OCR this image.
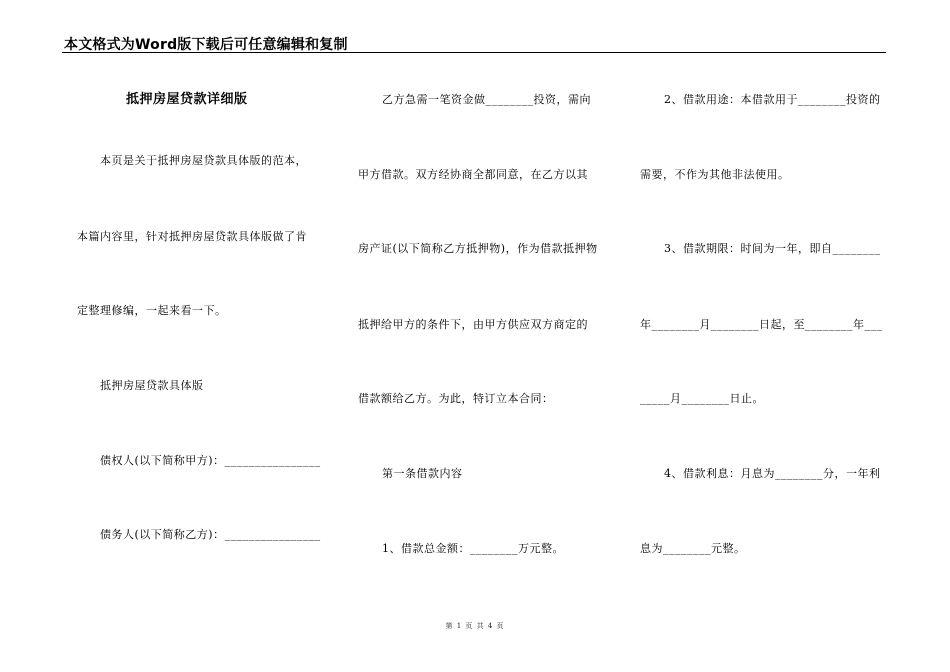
本文格式为Word版下载后可任意编辑和复制
抵押房屋贷款详细版
本页是关于抵押房屋贷款具体版的范本，
本篇内容里，针对抵押房屋贷款具体版做了肯
定整理修编，一起来看一下。
抵押房屋贷款具体版
债权人(以下简称甲方)：________________
债务人(以下简称乙方)：________________
乙方急需一笔资金做________投资，需向
甲方借款。双方经协商全都同意，在乙方以其
房产证(以下简称乙方抵押物)，作为借款抵押物
抵押给甲方的条件下，由甲方供应双方商定的
借款额给乙方。为此，特订立本合同：
第一条借款内容
1、借款总金额：________万元整。
2、借款用途：本借款用于________投资的
需要，不作为其他非法使用。
3、借款期限：时间为一年，即自________
年________月________日起，至________年___
_____月________日止。
4、借款利息：月息为________分，一年利
息为________元整。
第 1 页 共 4 页
